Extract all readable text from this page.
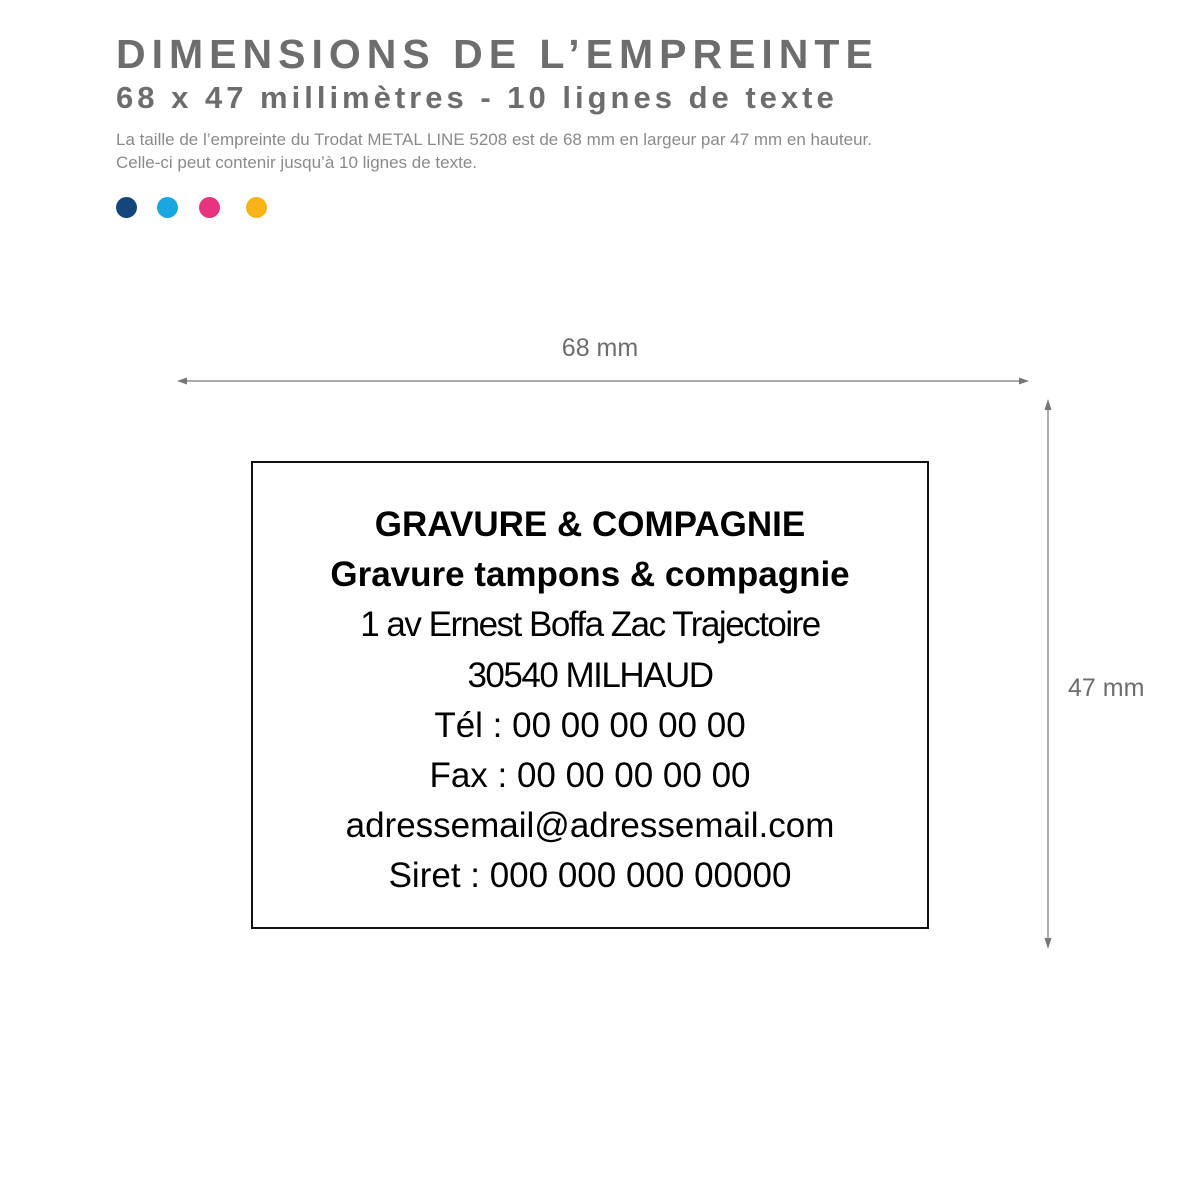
DIMENSIONS DE L’EMPREINTE
68 x 47 millimètres - 10 lignes de texte

La taille de l’empreinte du Trodat METAL LINE 5208 est de 68 mm en largeur par 47 mm en hauteur.
Celle-ci peut contenir jusqu’à 10 lignes de texte.

68 mm
47 mm
GRAVURE & COMPAGNIE
Gravure tampons & compagnie
1 av Ernest Boffa Zac Trajectoire
30540 MILHAUD
Tél : 00 00 00 00 00
Fax : 00 00 00 00 00
adressemail@adressemail.com
Siret : 000 000 000 00000
